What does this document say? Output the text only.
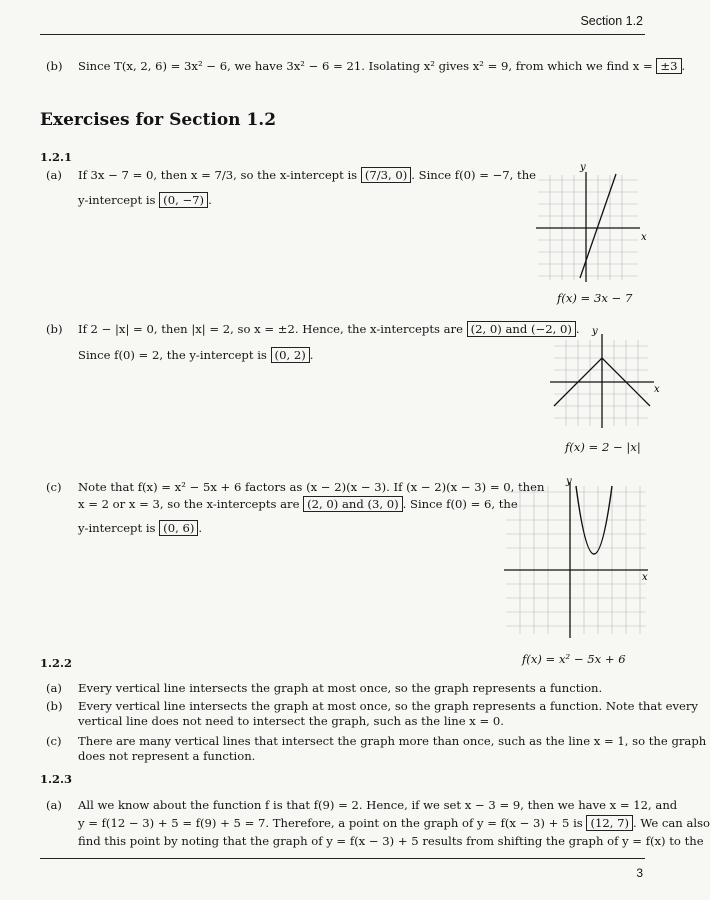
Section 1.2
(b) Since T(x, 2, 6) = 3x² − 6, we have 3x² − 6 = 21. Isolating x² gives x² = 9, from which we find x = ±3 .
Exercises for Section 1.2
1.2.1
(a) If 3x − 7 = 0, then x = 7/3, so the x-intercept is (7/3, 0) . Since f(0) = −7, the
y-intercept is (0, −7) .
y
x
f(x) = 3x − 7
(b) If 2 − |x| = 0, then |x| = 2, so x = ±2. Hence, the x-intercepts are (2, 0) and (−2, 0) .
Since f(0) = 2, the y-intercept is (0, 2) .
y
x
f(x) = 2 − |x|
(c) Note that f(x) = x² − 5x + 6 factors as (x − 2)(x − 3). If (x − 2)(x − 3) = 0, then
x = 2 or x = 3, so the x-intercepts are (2, 0) and (3, 0) . Since f(0) = 6, the
y-intercept is (0, 6) .
y
x
f(x) = x² − 5x + 6
1.2.2
(a) Every vertical line intersects the graph at most once, so the graph represents a function.
(b) Every vertical line intersects the graph at most once, so the graph represents a function. Note that every
vertical line does not need to intersect the graph, such as the line x = 0.
(c) There are many vertical lines that intersect the graph more than once, such as the line x = 1, so the graph
does not represent a function.
1.2.3
(a) All we know about the function f is that f(9) = 2. Hence, if we set x − 3 = 9, then we have x = 12, and
y = f(12 − 3) + 5 = f(9) + 5 = 7. Therefore, a point on the graph of y = f(x − 3) + 5 is (12, 7) . We can also
find this point by noting that the graph of y = f(x − 3) + 5 results from shifting the graph of y = f(x) to the
3
